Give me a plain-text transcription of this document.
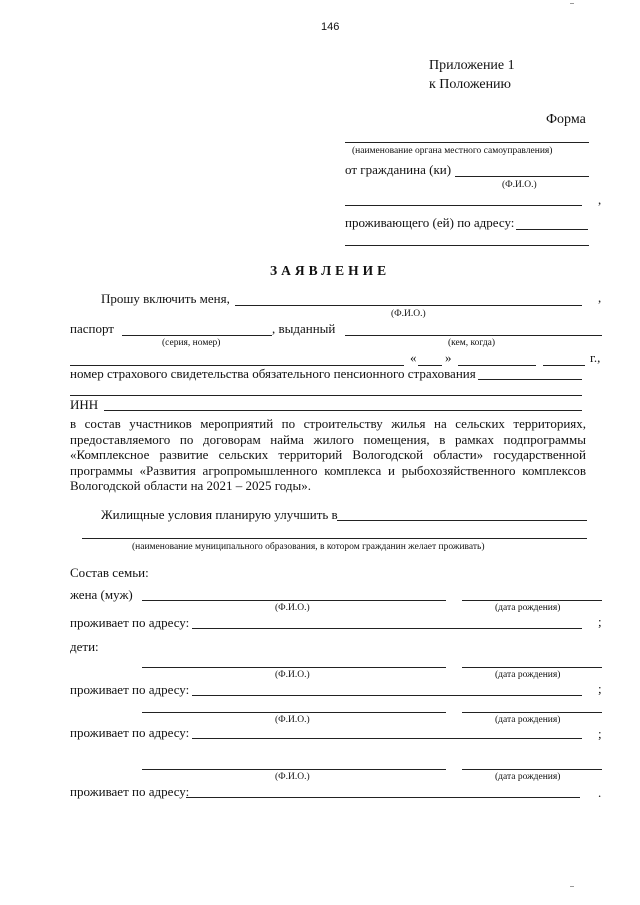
146
Приложение 1
к Положению
Форма
(наименование органа местного самоуправления)
от гражданина (ки)
(Ф.И.О.)
,
проживающего (ей) по адресу:
ЗАЯВЛЕНИЕ
Прошу включить меня,	,
(Ф.И.О.)
паспорт	, выданный
(серия, номер)	(кем, когда)
« »	г.,
номер страхового свидетельства обязательного пенсионного страхования
ИНН
в состав участников мероприятий по строительству жилья на сельских территориях, предоставляемого по договорам найма жилого помещения, в рамках подпрограммы «Комплексное развитие сельских территорий Вологодской области» государственной программы «Развития агропромышленного комплекса и рыбохозяйственного комплексов Вологодской области на 2021 – 2025 годы».
Жилищные условия планирую улучшить в
(наименование муниципального образования, в котором гражданин желает проживать)
Состав семьи:
жена (муж)
(Ф.И.О.)	(дата рождения)
проживает по адресу:	;
дети:
(Ф.И.О.)	(дата рождения)
проживает по адресу:	;
(Ф.И.О.)	(дата рождения)
проживает по адресу:	;
(Ф.И.О.)	(дата рождения)
проживает по адресу:	.
